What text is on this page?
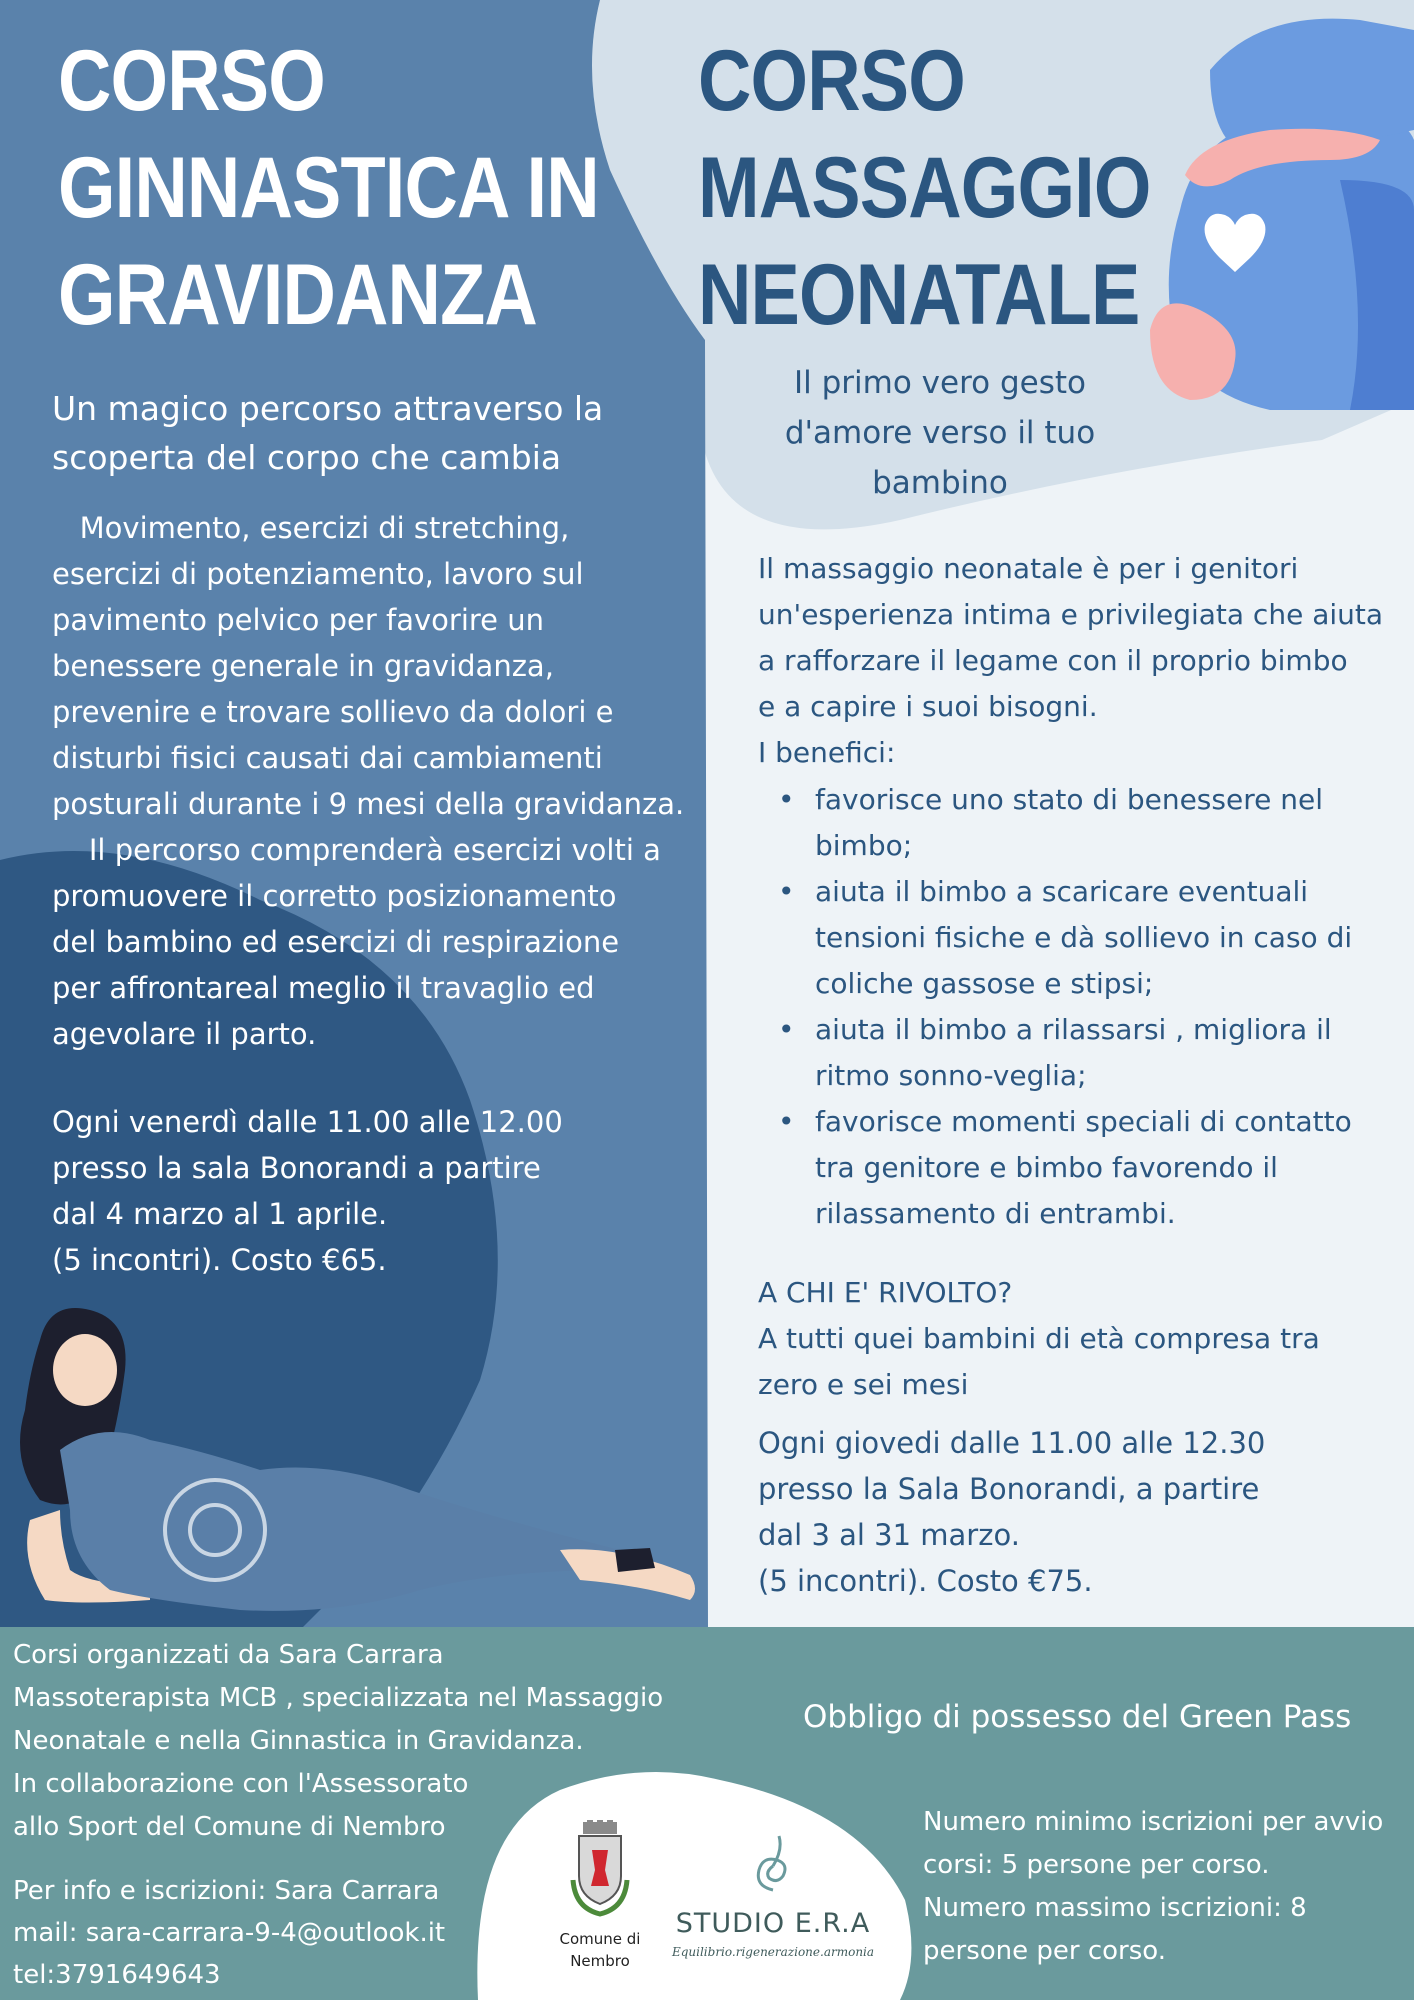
CORSO
GINNASTICA IN
GRAVIDANZA
CORSO
MASSAGGIO
NEONATALE
Un magico percorso attraverso la
scoperta del corpo che cambia
Movimento, esercizi di stretching,
esercizi di potenziamento, lavoro sul
pavimento pelvico per favorire un
benessere generale in gravidanza,
prevenire e trovare sollievo da dolori e
disturbi fisici causati dai cambiamenti
posturali durante i 9 mesi della gravidanza.
Il percorso comprenderà esercizi volti a
promuovere il corretto posizionamento
del bambino ed esercizi di respirazione
per affrontareal meglio il travaglio ed
agevolare il parto.
Ogni venerdì dalle 11.00 alle 12.00
presso la sala Bonorandi a partire
dal 4 marzo al 1 aprile.
(5 incontri). Costo €65.
Il primo vero gesto
d'amore verso il tuo
bambino
Il massaggio neonatale è per i genitori
un'esperienza intima e privilegiata che aiuta
a rafforzare il legame con il proprio bimbo
e a capire i suoi bisogni.
I benefici:
• favorisce uno stato di benessere nel
bimbo;
• aiuta il bimbo a scaricare eventuali
tensioni fisiche e dà sollievo in caso di
coliche gassose e stipsi;
• aiuta il bimbo a rilassarsi , migliora il
ritmo sonno-veglia;
• favorisce momenti speciali di contatto
tra genitore e bimbo favorendo il
rilassamento di entrambi.
A CHI E' RIVOLTO?
A tutti quei bambini di età compresa tra
zero e sei mesi
Ogni giovedi dalle 11.00 alle 12.30
presso la Sala Bonorandi, a partire
dal 3 al 31 marzo.
(5 incontri). Costo €75.
Corsi organizzati da Sara Carrara
Massoterapista MCB , specializzata nel Massaggio
Neonatale e nella Ginnastica in Gravidanza.
In collaborazione con l'Assessorato
allo Sport del Comune di Nembro
Per info e iscrizioni: Sara Carrara
mail: sara-carrara-9-4@outlook.it
tel:3791649643
Obbligo di possesso del Green Pass
Numero minimo iscrizioni per avvio
corsi: 5 persone per corso.
Numero massimo iscrizioni: 8
persone per corso.
Comune di
Nembro
STUDIO E.R.A
Equilibrio.rigenerazione.armonia
